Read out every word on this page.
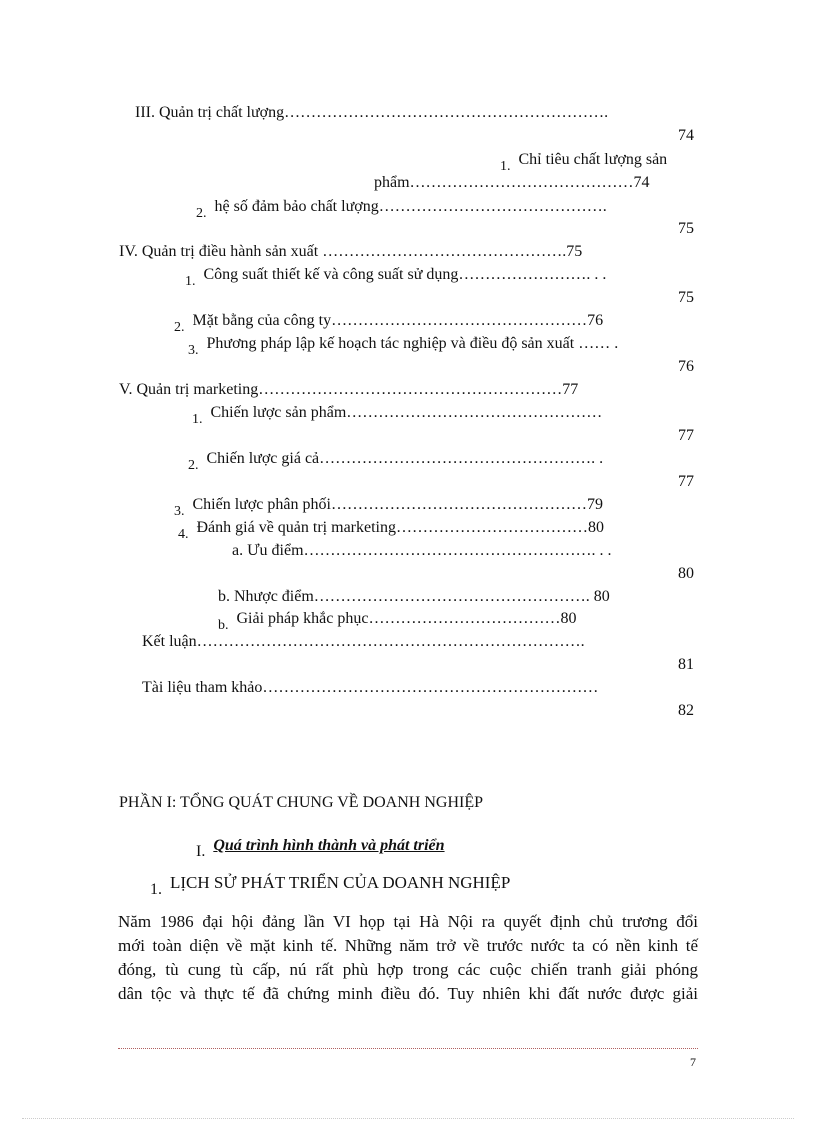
III. Quản trị chất lượng…………………………………………………….
74
1. Chỉ tiêu chất lượng sản
phẩm……………………………………74
2. hệ số đảm bảo chất lượng…………………………………….
75
IV. Quản trị điều hành sản xuất ……………………………………….75
1. Công suất thiết kế và công suất sử dụng……………………. . .
75
2. Mặt bằng của công ty…………………………………………76
3. Phương pháp lập kế hoạch tác nghiệp và điều độ sản xuất …… .
76
V. Quản trị marketing…………………………………………………77
1. Chiến lược sản phẩm…………………………………………
77
2. Chiến lược giá cả……………………………………………. .
77
3. Chiến lược phân phối…………………………………………79
4. Đánh giá về quản trị marketing………………………………80
a. Ưu điểm………………………………………………. . .
80
b. Nhược điểm……………………………………………. 80
b. Giải pháp khắc phục………………………………80
Kết luận……………………………………………………………….
81
Tài liệu tham khảo………………………………………………………
82
PHẦN I: TỔNG QUÁT CHUNG VỀ DOANH NGHIỆP
I. Quá trình hình thành và phát triển
1. LỊCH SỬ PHÁT TRIỂN CỦA DOANH NGHIỆP
Năm 1986 đại hội đảng lần VI họp tại Hà Nội ra quyết định chủ trương đổi
mới toàn diện về mặt kinh tế. Những năm trở về trước nước ta có nền kinh tế
đóng, tù cung tù cấp, nú rất phù hợp trong các cuộc chiến tranh giải phóng
dân tộc và thực tế đã chứng minh điều đó. Tuy nhiên khi đất nước được giải
7
